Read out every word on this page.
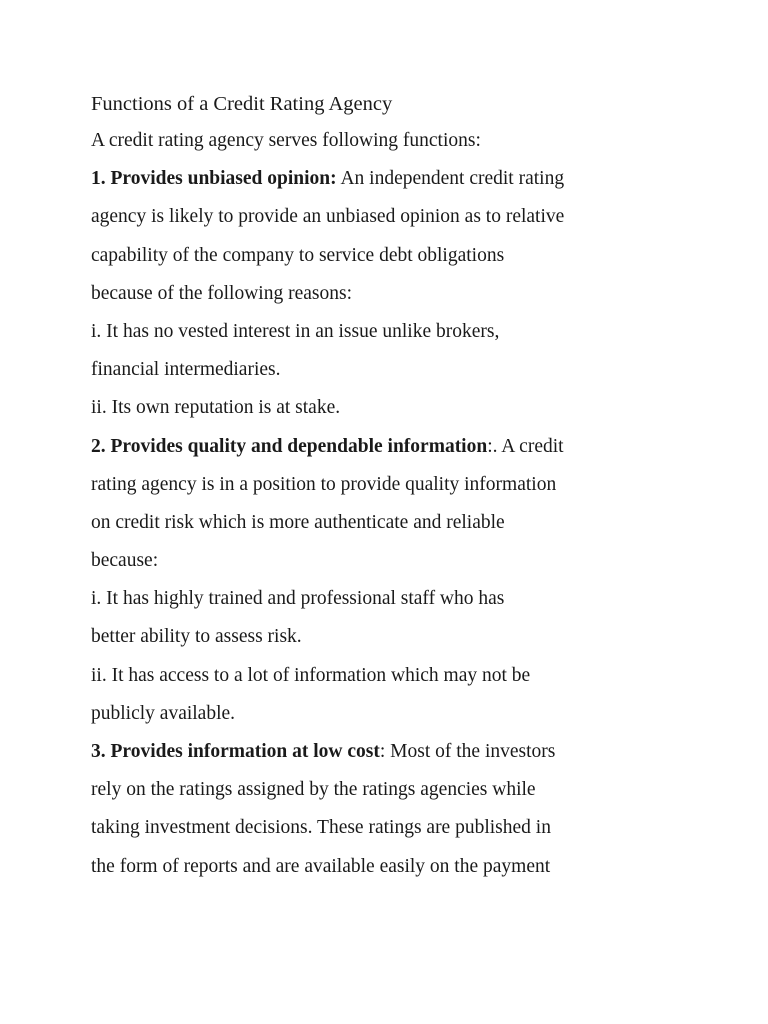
Functions of a Credit Rating Agency
A credit rating agency serves following functions:
1. Provides unbiased opinion: An independent credit rating
agency is likely to provide an unbiased opinion as to relative
capability of the company to service debt obligations
because of the following reasons:
i. It has no vested interest in an issue unlike brokers,
financial intermediaries.
ii. Its own reputation is at stake.
2. Provides quality and dependable information:. A credit
rating agency is in a position to provide quality information
on credit risk which is more authenticate and reliable
because:
i. It has highly trained and professional staff who has
better ability to assess risk.
ii. It has access to a lot of information which may not be
publicly available.
3. Provides information at low cost: Most of the investors
rely on the ratings assigned by the ratings agencies while
taking investment decisions. These ratings are published in
the form of reports and are available easily on the payment
